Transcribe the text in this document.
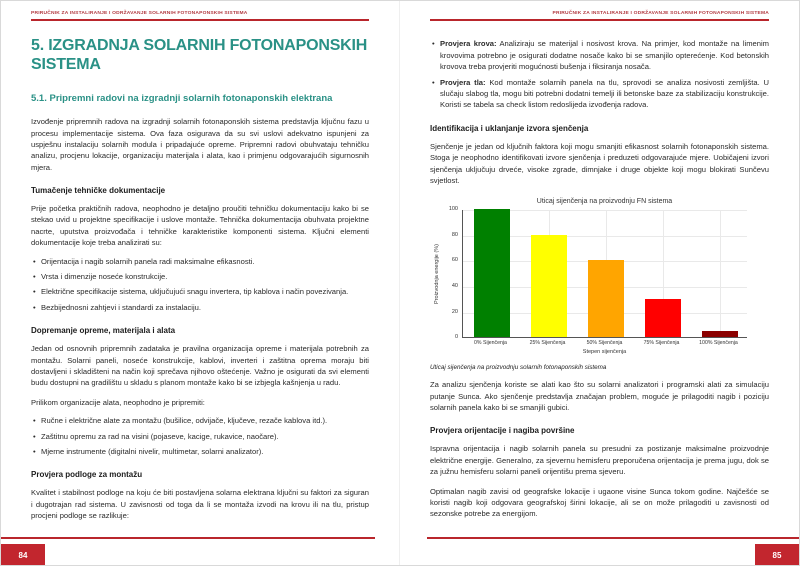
PRIRUČNIK ZA INSTALIRANJE I ODRŽAVANJE SOLARNIH FOTONAPONSKIH SISTEMA
5. IZGRADNJA SOLARNIH FOTONAPONSKIH SISTEMA
5.1. Pripremni radovi na izgradnji solarnih fotonaponskih elektrana

Izvođenje pripremnih radova na izgradnji solarnih fotonaponskih sistema predstavlja ključnu fazu u procesu implementacije sistema. Ova faza osigurava da su svi uslovi adekvatno ispunjeni za uspješnu instalaciju solarnih modula i pripadajuće opreme. Pripremni radovi obuhvataju tehničku analizu, procjenu lokacije, organizaciju materijala i alata, kao i primjenu odgovarajućih sigurnosnih mjera.

Tumačenje tehničke dokumentacije

Prije početka praktičnih radova, neophodno je detaljno proučiti tehničku dokumentaciju kako bi se stekao uvid u projektne specifikacije i uslove montaže. Tehnička dokumentacija obuhvata projektne nacrte, uputstva proizvođača i tehničke karakteristike komponenti sistema. Ključni elementi dokumentacije koje treba analizirati su:

• Orijentacija i nagib solarnih panela radi maksimalne efikasnosti.
• Vrsta i dimenzije noseće konstrukcije.
• Električne specifikacije sistema, uključujući snagu invertera, tip kablova i način povezivanja.
• Bezbijednosni zahtjevi i standardi za instalaciju.
Dopremanje opreme, materijala i alata

Jedan od osnovnih pripremnih zadataka je pravilna organizacija opreme i materijala potrebnih za montažu. Solarni paneli, noseće konstrukcije, kablovi, inverteri i zaštitna oprema moraju biti dostavljeni i skladišteni na način koji sprečava njihovo oštećenje. Važno je osigurati da svi elementi budu dostupni na gradilištu u skladu s planom montaže kako bi se izbjegla kašnjenja u radu.

Prilikom organizacije alata, neophodno je pripremiti:

• Ručne i električne alate za montažu (bušilice, odvijače, ključeve, rezače kablova itd.).
• Zaštitnu opremu za rad na visini (pojaseve, kacige, rukavice, naočare).
• Mjerne instrumente (digitalni nivelir, multimetar, solarni analizator).
Provjera podloge za montažu

Kvalitet i stabilnost podloge na koju će biti postavljena solarna elektrana ključni su faktori za siguran i dugotrajan rad sistema. U zavisnosti od toga da li se montaža izvodi na krovu ili na tlu, pristup procjeni podloge se razlikuje:

84
PRIRUČNIK ZA INSTALIRANJE I ODRŽAVANJE SOLARNIH FOTONAPONSKIH SISTEMA
• Provjera krova: Analiziraju se materijal i nosivost krova. Na primjer, kod montaže na limenim krovovima potrebno je osigurati dodatne nosače kako bi se smanjilo opterećenje. Kod betonskih krovova treba provjeriti mogućnosti bušenja i fiksiranja nosača.
• Provjera tla: Kod montaže solarnih panela na tlu, sprovodi se analiza nosivosti zemljišta. U slučaju slabog tla, mogu biti potrebni dodatni temelji ili betonske baze za stabilizaciju konstrukcije. Koristi se tabela sa check listom redoslijeda izvođenja radova.
Identifikacija i uklanjanje izvora sjenčenja

Sjenčenje je jedan od ključnih faktora koji mogu smanjiti efikasnost solarnih fotonaponskih sistema. Stoga je neophodno identifikovati izvore sjenčenja i preduzeti odgovarajuće mjere. Uobičajeni izvori sjenčenja uključuju drveće, visoke zgrade, dimnjake i druge objekte koji mogu blokirati Sunčevu svjetlost.

Uticaj sijenčenja na proizvodnju FN sistema
Proizvodnja energije (%)
0
20
40
60
80
100
0% Sijenčenja	25% Sijenčenja	50% Sijenčenja	75% Sijenčenja	100% Sijenčenja
Stepen sijenčenja

Uticaj sijenčenja na proizvodnju solarnih fotonaponskih sistema

Za analizu sjenčenja koriste se alati kao što su solarni analizatori i programski alati za simulaciju putanje Sunca. Ako sjenčenje predstavlja značajan problem, moguće je prilagoditi nagib i poziciju solarnih panela kako bi se smanjili gubici.

Provjera orijentacije i nagiba površine

Ispravna orijentacija i nagib solarnih panela su presudni za postizanje maksimalne proizvodnje električne energije. Generalno, za sjevernu hemisferu preporučena orijentacija je prema jugu, dok se za južnu hemisferu solarni paneli orijentišu prema sjeveru.

Optimalan nagib zavisi od geografske lokacije i ugaone visine Sunca tokom godine. Najčešće se koristi nagib koji odgovara geografskoj širini lokacije, ali se on može prilagoditi u zavisnosti od sezonske potrebe za energijom.

85
